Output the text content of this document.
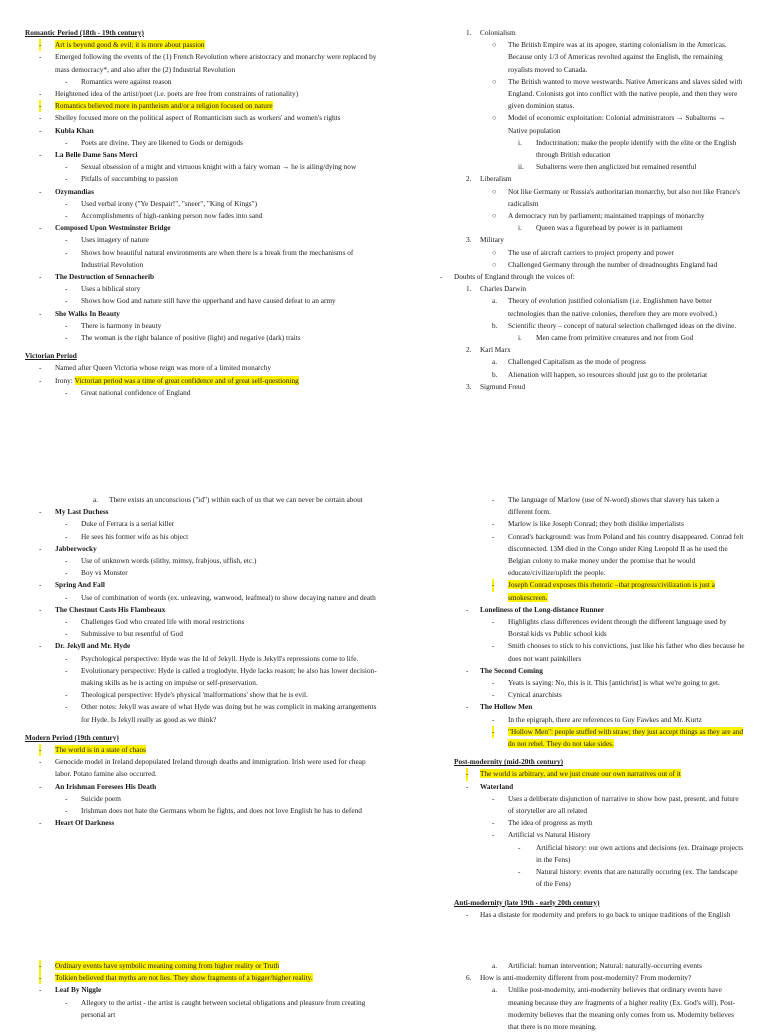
Romantic Period (18th - 19th century)
- Art is beyond good & evil; it is more about passion
- Emerged following the events of the (1) French Revolution where aristocracy and monarchy were replaced by mass democracy*, and also after the (2) Industrial Revolution
- Romantics were against reason
- Heightened idea of the artist/poet (i.e. poets are free from constraints of rationality)
- Romantics believed more in pantheism and/or a religion focused on nature
- Shelley focused more on the political aspect of Romanticism such as workers' and women's rights
- Kubla Khan
- Poets are divine. They are likened to Gods or demigods
- La Belle Dame Sans Merci
- Sexual obsession of a might and virtuous knight with a fairy woman → he is ailing/dying now
- Pitfalls of succumbing to passion
- Ozymandias
- Used verbal irony ("Ye Despair!", "sneer", "King of Kings")
- Accomplishments of high-ranking person now fades into sand
- Composed Upon Westminster Bridge
- Uses imagery of nature
- Shows how beautiful natural environments are when there is a break from the mechanisms of Industrial Revolution
- The Destruction of Sennacherib
- Uses a biblical story
- Shows how God and nature still have the upperhand and have caused defeat to an army
- She Walks In Beauty
- There is harmony in beauty
- The woman is the right balance of positive (light) and negative (dark) traits
Victorian Period
- Named after Queen Victoria whose reign was more of a limited monarchy
- Irony: Victorian period was a time of great confidence and of great self-questioning
- Great national confidence of England
1. Colonialism
○ The British Empire was at its apogee, starting colonialism in the Americas. Because only 1/3 of Americas revolted against the English, the remaining royalists moved to Canada.
○ The British wanted to move westwards. Native Americans and slaves sided with England. Colonists got into conflict with the native people, and then they were given dominion status.
○ Model of economic exploitation: Colonial administrators → Subalterns → Native population
i. Indoctrination: make the people identify with the elite or the English through British education
ii. Subalterns were then anglicized but remained resentful
2. Liberalism
○ Not like Germany or Russia's authoritarian monarchy, but also not like France's radicalism
○ A democracy run by parliament; maintained trappings of monarchy
i. Queen was a figurehead by power is in parliament
3. Military
○ The use of aircraft carriers to project property and power
○ Challenged Germany through the number of dreadnoughts England had
- Doubts of England through the voices of:
1. Charles Darwin
a. Theory of evolution justified colonialism (i.e. Englishmen have better technologies than the native colonies, therefore they are more evolved.)
b. Scientific theory – concept of natural selection challenged ideas on the divine.
i. Men came from primitive creatures and not from God
2. Karl Marx
a. Challenged Capitalism as the mode of progress
b. Alienation will happen, so resources should just go to the proletariat
3. Sigmund Freud
a. There exists an unconscious ("id") within each of us that we can never be certain about
- My Last Duchess
- Duke of Ferrara is a serial killer
- He sees his former wife as his object
- Jabberwocky
- Use of unknown words (slithy, mimsy, frabjous, uffish, etc.)
- Boy vs Monster
- Spring And Fall
- Use of combination of words (ex. unleaving, wanwood, leafmeal) to show decaying nature and death
- The Chestnut Casts His Flambeaux
- Challenges God who created life with moral restrictions
- Submissive to but resentful of God
- Dr. Jekyll and Mr. Hyde
- Psychological perspective: Hyde was the Id of Jekyll. Hyde is Jekyll's repressions come to life.
- Evolutionary perspective: Hyde is called a troglodyte. Hyde lacks reason; he also has lower decision-making skills as he is acting on impulse or self-preservation.
- Theological perspective: Hyde's physical 'malformations' show that he is evil.
- Other notes: Jekyll was aware of what Hyde was doing but he was complicit in making arrangements for Hyde. Is Jekyll really as good as we think?
Modern Period (19th century)
- The world is in a state of chaos
- Genocide model in Ireland depopulated Ireland through deaths and immigration. Irish were used for cheap labor. Potato famine also occurred.
- An Irishman Foresees His Death
- Suicide poem
- Irishman does not hate the Germans whom he fights, and does not love English he has to defend
- Heart Of Darkness
- The language of Marlow (use of N-word) shows that slavery has taken a different form.
- Marlow is like Joseph Conrad; they both dislike imperialists
- Conrad's background: was from Poland and his country disappeared. Conrad felt disconnected. 13M died in the Congo under King Leopold II as he used the Belgian colony to make money under the promise that he would educate/civilize/uplift the people.
- Joseph Conrad exposes this rhetoric –that progress/civilization is just a smokescreen.
- Loneliness of the Long-distance Runner
- Highlights class differences evident through the different language used by Borstal kids vs Public school kids
- Smith chooses to stick to his convictions, just like his father who dies because he does not want painkillers
- The Second Coming
- Yeats is saying: No, this is it. This [antichrist] is what we're going to get.
- Cynical anarchists
- The Hollow Men
- In the epigraph, there are references to Guy Fawkes and Mr. Kurtz
- "Hollow Men": people stuffed with straw; they just accept things as they are and do not rebel. They do not take sides.
Post-modernity (mid-20th century)
- The world is arbitrary, and we just create our own narratives out of it
- Waterland
- Uses a deliberate disjunction of narrative to show how past, present, and future of storyteller are all related
- The idea of progress as myth
- Artificial vs Natural History
- Artificial history: our own actions and decisions (ex. Drainage projects in the Fens)
- Natural history: events that are naturally occuring (ex. The landscape of the Fens)
Anti-modernity (late 19th - early 20th century)
- Has a distaste for modernity and prefers to go back to unique traditions of the English
- Ordinary events have symbolic meaning coming from higher reality or Truth
- Tolkien believed that myths are not lies. They show fragments of a bigger/higher reality.
- Leaf By Niggle
- Allegory to the artist - the artist is caught between societal obligations and pleasure from creating personal art
a. Artificial: human intervention; Natural: naturally-occurring events
6. How is anti-modernity different from post-modernity? From modernity?
a. Unlike post-modernity, anti-modernity believes that ordinary events have meaning because they are fragments of a higher reality (Ex. God's will). Post-modernity believes that the meaning only comes from us. Modernity believes that there is no more meaning.
